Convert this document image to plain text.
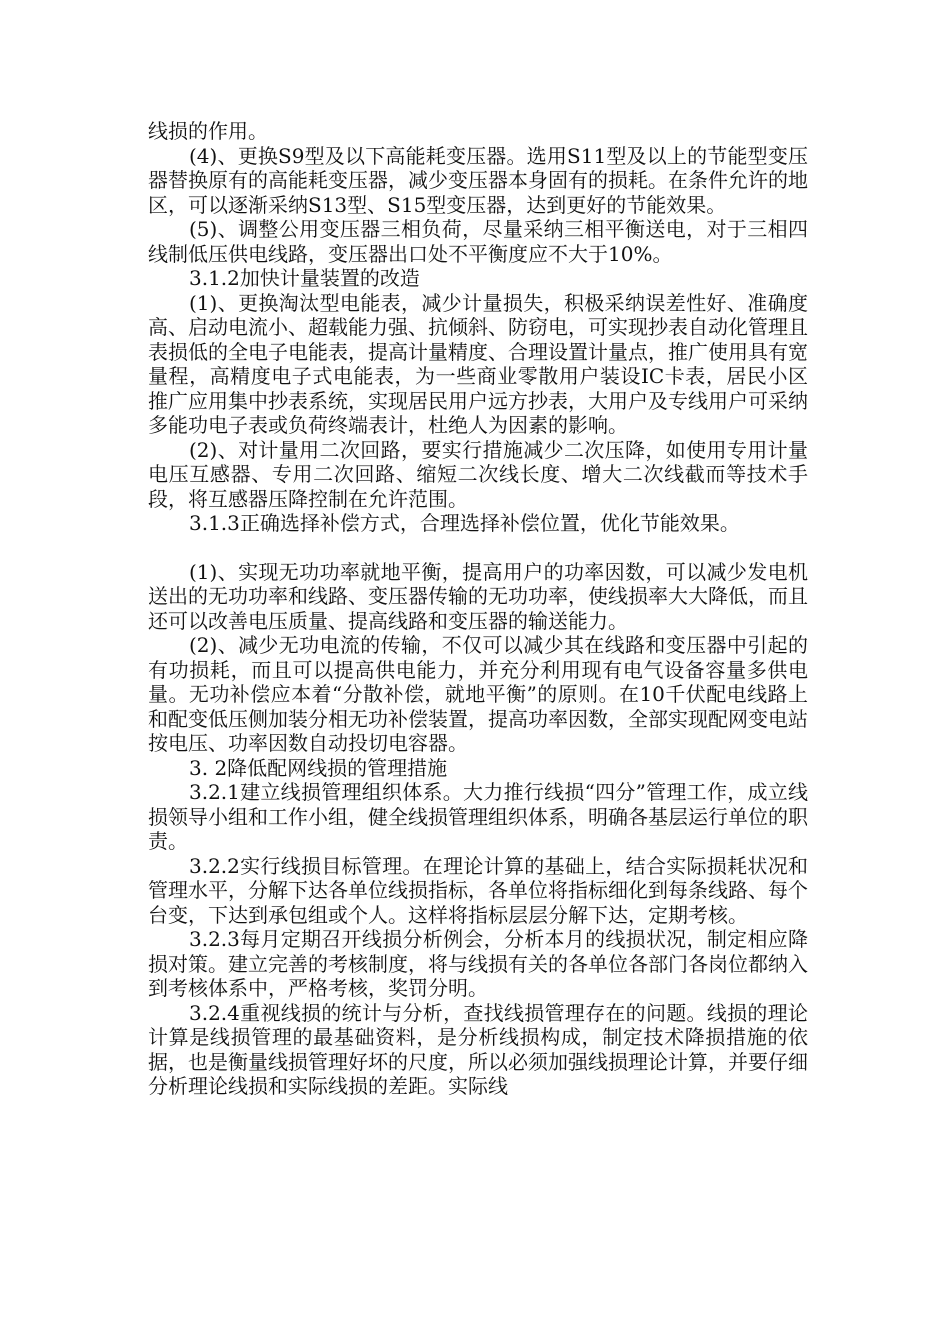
线损的作用。

(4)、更换S9型及以下高能耗变压器。选用S11型及以上的节能型变压器替换原有的高能耗变压器，减少变压器本身固有的损耗。在条件允许的地区，可以逐渐采纳S13型、S15型变压器，达到更好的节能效果。

(5)、调整公用变压器三相负荷，尽量采纳三相平衡送电，对于三相四线制低压供电线路，变压器出口处不平衡度应不大于10%。

3.1.2加快计量装置的改造

(1)、更换淘汰型电能表，减少计量损失，积极采纳误差性好、准确度高、启动电流小、超载能力强、抗倾斜、防窃电，可实现抄表自动化管理且表损低的全电子电能表，提高计量精度、合理设置计量点，推广使用具有宽量程，高精度电子式电能表，为一些商业零散用户装设IC卡表，居民小区推广应用集中抄表系统，实现居民用户远方抄表，大用户及专线用户可采纳多能功电子表或负荷终端表计，杜绝人为因素的影响。

(2)、对计量用二次回路，要实行措施减少二次压降，如使用专用计量电压互感器、专用二次回路、缩短二次线长度、增大二次线截而等技术手段，将互感器压降控制在允许范围。

3.1.3正确选择补偿方式，合理选择补偿位置，优化节能效果。

(1)、实现无功功率就地平衡，提高用户的功率因数，可以减少发电机送出的无功功率和线路、变压器传输的无功功率，使线损率大大降低，而且还可以改善电压质量、提高线路和变压器的输送能力。

(2)、减少无功电流的传输，不仅可以减少其在线路和变压器中引起的有功损耗，而且可以提高供电能力，并充分利用现有电气设备容量多供电量。无功补偿应本着“分散补偿，就地平衡”的原则。在10千伏配电线路上和配变低压侧加装分相无功补偿装置，提高功率因数，全部实现配网变电站按电压、功率因数自动投切电容器。

3. 2降低配网线损的管理措施

3.2.1建立线损管理组织体系。大力推行线损“四分”管理工作，成立线损领导小组和工作小组，健全线损管理组织体系，明确各基层运行单位的职责。

3.2.2实行线损目标管理。在理论计算的基础上，结合实际损耗状况和管理水平，分解下达各单位线损指标，各单位将指标细化到每条线路、每个台变，下达到承包组或个人。这样将指标层层分解下达，定期考核。

3.2.3每月定期召开线损分析例会，分析本月的线损状况，制定相应降损对策。建立完善的考核制度，将与线损有关的各单位各部门各岗位都纳入到考核体系中，严格考核，奖罚分明。

3.2.4重视线损的统计与分析，查找线损管理存在的问题。线损的理论计算是线损管理的最基础资料，是分析线损构成，制定技术降损措施的依据，也是衡量线损管理好坏的尺度，所以必须加强线损理论计算，并要仔细分析理论线损和实际线损的差距。实际线
